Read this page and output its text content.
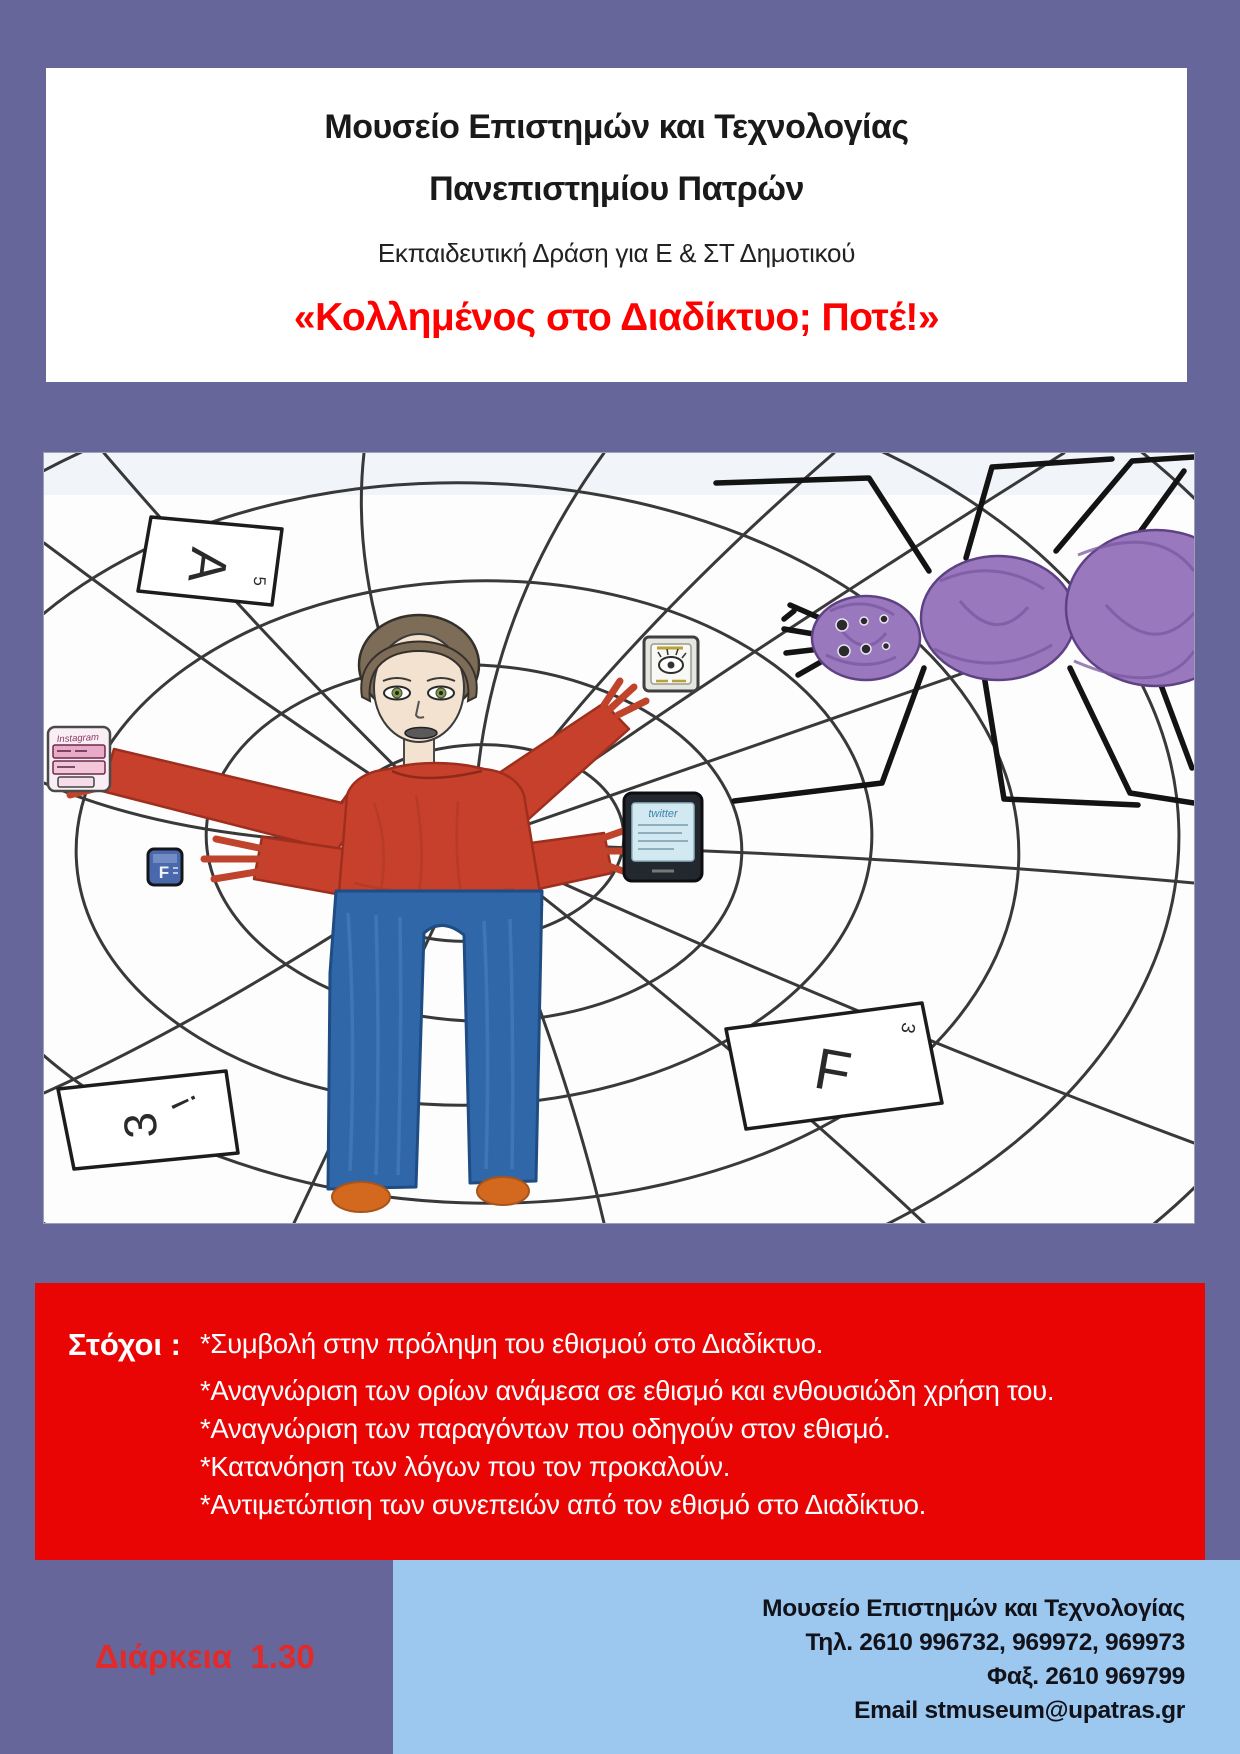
Μουσείο Επιστημών και Τεχνολογίας
Πανεπιστημίου Πατρών
Εκπαιδευτική Δράση για Ε & ΣΤ Δημοτικού
«Κολλημένος στο Διαδίκτυο; Ποτέ!»
A 5
3
!	F
3
Instagram
F
twitter
Στόχοι : *Συμβολή στην πρόληψη του εθισμού στο Διαδίκτυο.
*Αναγνώριση των ορίων ανάμεσα σε εθισμό και ενθουσιώδη χρήση του.
*Αναγνώριση των παραγόντων που οδηγούν στον εθισμό.
*Κατανόηση των λόγων που τον προκαλούν.
*Αντιμετώπιση των συνεπειών από τον εθισμό στο Διαδίκτυο.
Διάρκεια  1.30
Μουσείο Επιστημών και Τεχνολογίας
Τηλ. 2610 996732, 969972, 969973
Φαξ. 2610 969799
Email stmuseum@upatras.gr
